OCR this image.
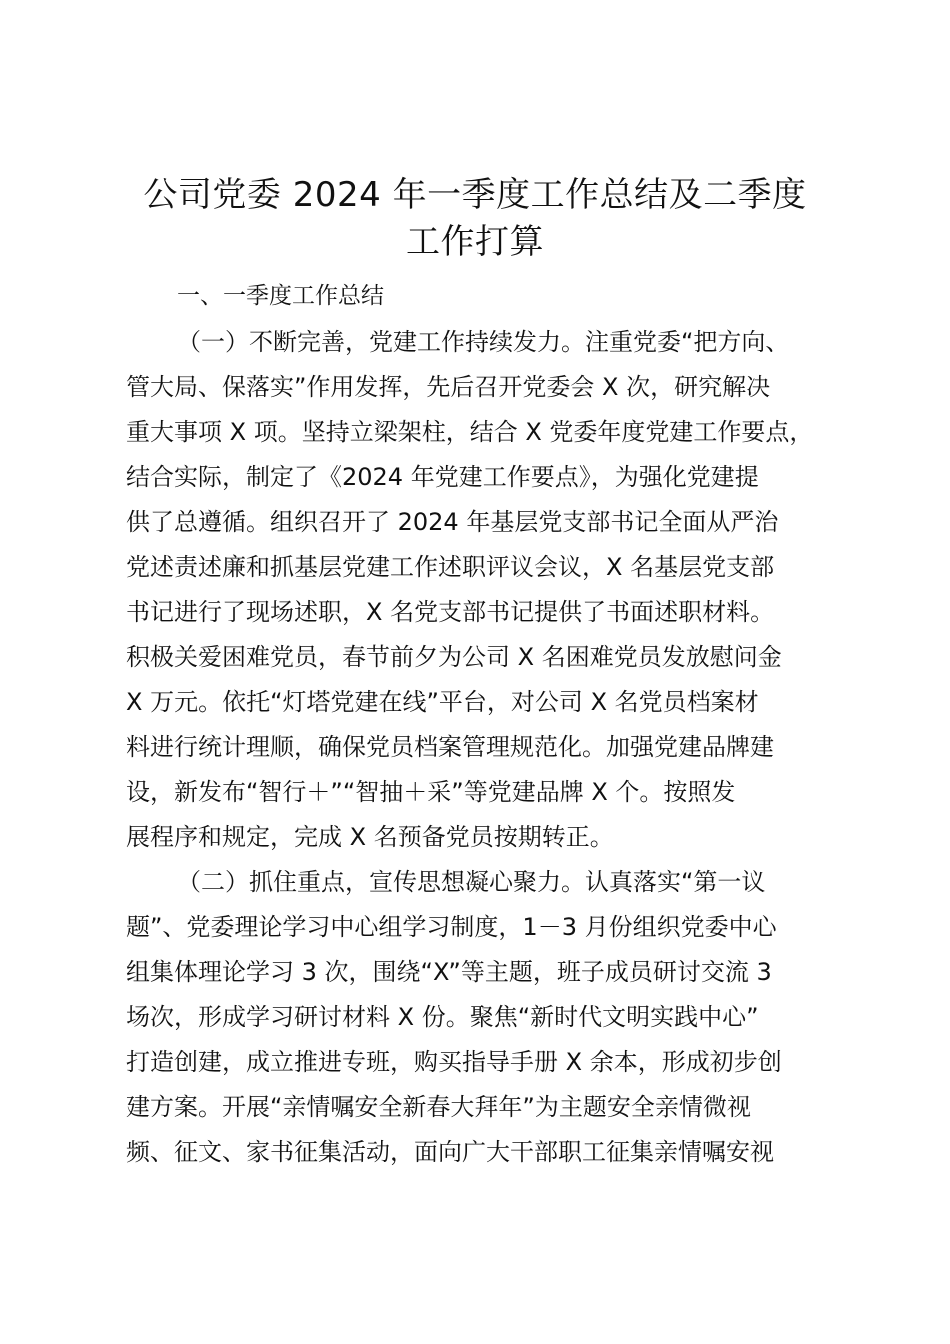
公司党委 2024 年一季度工作总结及二季度
工作打算
一、一季度工作总结

（一）不断完善，党建工作持续发力。注重党委“把方向、

管大局、保落实”作用发挥，先后召开党委会 X 次，研究解决

重大事项 X 项。坚持立梁架柱，结合 X 党委年度党建工作要点，

结合实际，制定了《2024 年党建工作要点》，为强化党建提

供了总遵循。组织召开了 2024 年基层党支部书记全面从严治

党述责述廉和抓基层党建工作述职评议会议，X 名基层党支部

书记进行了现场述职，X 名党支部书记提供了书面述职材料。

积极关爱困难党员，春节前夕为公司 X 名困难党员发放慰问金

X 万元。依托“灯塔党建在线”平台，对公司 X 名党员档案材

料进行统计理顺，确保党员档案管理规范化。加强党建品牌建

设，新发布“智行＋”“智抽＋采”等党建品牌 X 个。按照发

展程序和规定，完成 X 名预备党员按期转正。

（二）抓住重点，宣传思想凝心聚力。认真落实“第一议

题”、党委理论学习中心组学习制度，1－3 月份组织党委中心

组集体理论学习 3 次，围绕“X”等主题，班子成员研讨交流 3

场次，形成学习研讨材料 X 份。聚焦“新时代文明实践中心”

打造创建，成立推进专班，购买指导手册 X 余本，形成初步创

建方案。开展“亲情嘱安全新春大拜年”为主题安全亲情微视

频、征文、家书征集活动，面向广大干部职工征集亲情嘱安视
